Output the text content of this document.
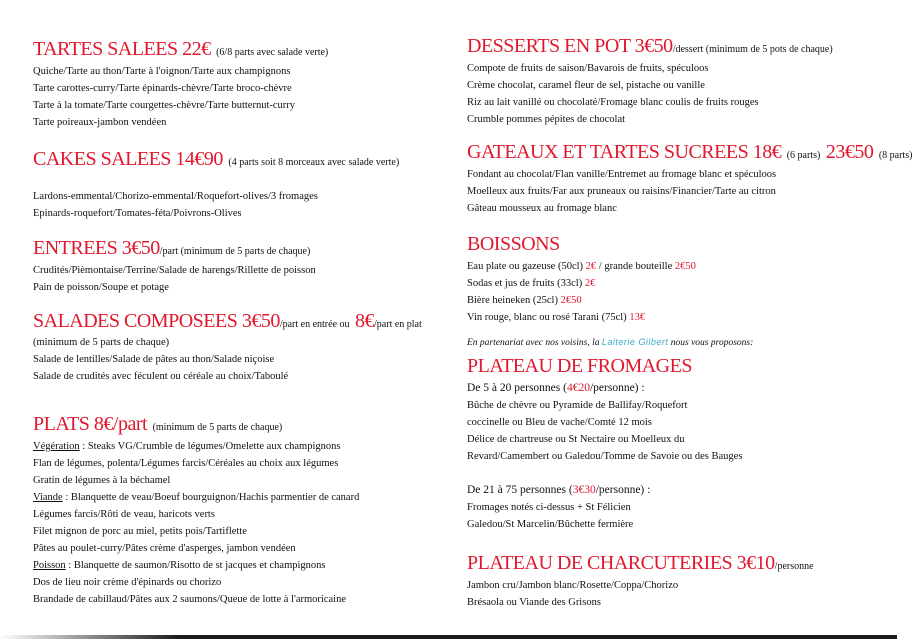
TARTES SALEES 22€ (6/8 parts avec salade verte)
Quiche/Tarte au thon/Tarte à l'oignon/Tarte aux champignons
Tarte carottes-curry/Tarte épinards-chèvre/Tarte broco-chèvre
Tarte à la tomate/Tarte courgettes-chèvre/Tarte butternut-curry
Tarte poireaux-jambon vendéen
CAKES SALEES 14€90 (4 parts soit 8 morceaux avec salade verte)
Lardons-emmental/Chorizo-emmental/Roquefort-olives/3 fromages
Epinards-roquefort/Tomates-féta/Poivrons-Olives
ENTREES 3€50/part (minimum de 5 parts de chaque)
Crudités/Pièmontaise/Terrine/Salade de harengs/Rillette de poisson
Pain de poisson/Soupe et potage
SALADES COMPOSEES 3€50/part en entrée ou 8€/part en plat
(minimum de 5 parts de chaque)
Salade de lentilles/Salade de pâtes au thon/Salade niçoise
Salade de crudités avec féculent ou céréale au choix/Taboulé
PLATS 8€/part (minimum de 5 parts de chaque)
Végération : Steaks VG/Crumble de légumes/Omelette aux champignons
Flan de légumes, polenta/Légumes farcis/Céréales au choix aux légumes
Gratin de légumes à la béchamel
Viande : Blanquette de veau/Boeuf bourguignon/Hachis parmentier de canard
Légumes farcis/Rôti de veau, haricots verts
Filet mignon de porc au miel, petits pois/Tartiflette
Pâtes au poulet-curry/Pâtes crème d'asperges, jambon vendéen
Poisson : Blanquette de saumon/Risotto de st jacques et champignons
Dos de lieu noir crème d'épinards ou chorizo
Brandade de cabillaud/Pâtes aux 2 saumons/Queue de lotte à l'armoricaine
DESSERTS EN POT 3€50/dessert (minimum de 5 pots de chaque)
Compote de fruits de saison/Bavarois de fruits, spéculoos
Crème chocolat, caramel fleur de sel, pistache ou vanille
Riz au lait vanillé ou chocolaté/Fromage blanc coulis de fruits rouges
Crumble pommes pépites de chocolat
GATEAUX ET TARTES SUCREES 18€ (6 parts) 23€50 (8 parts)
Fondant au chocolat/Flan vanille/Entremet au fromage blanc et spéculoos
Moelleux aux fruits/Far aux pruneaux ou raisins/Financier/Tarte au citron
Gâteau mousseux au fromage blanc
BOISSONS
Eau plate ou gazeuse (50cl) 2€ / grande bouteille 2€50
Sodas et jus de fruits (33cl) 2€
Bière heineken (25cl) 2€50
Vin rouge, blanc ou rosé Tarani (75cl) 13€
En partenariat avec nos voisins, la Laiterie Gilbert nous vous proposons:
PLATEAU DE FROMAGES
De 5 à 20 personnes (4€20/personne) :
Bûche de chèvre ou Pyramide de Ballifay/Roquefort
coccinelle ou Bleu de vache/Comté 12 mois
Délice de chartreuse ou St Nectaire ou Moelleux du
Revard/Camembert ou Galedou/Tomme de Savoie ou des Bauges
De 21 à 75 personnes (3€30/personne) :
Fromages notés ci-dessus + St Félicien
Galedou/St Marcelin/Bûchette fermière
PLATEAU DE CHARCUTERIES 3€10/personne
Jambon cru/Jambon blanc/Rosette/Coppa/Chorizo
Brésaola ou Viande des Grisons
